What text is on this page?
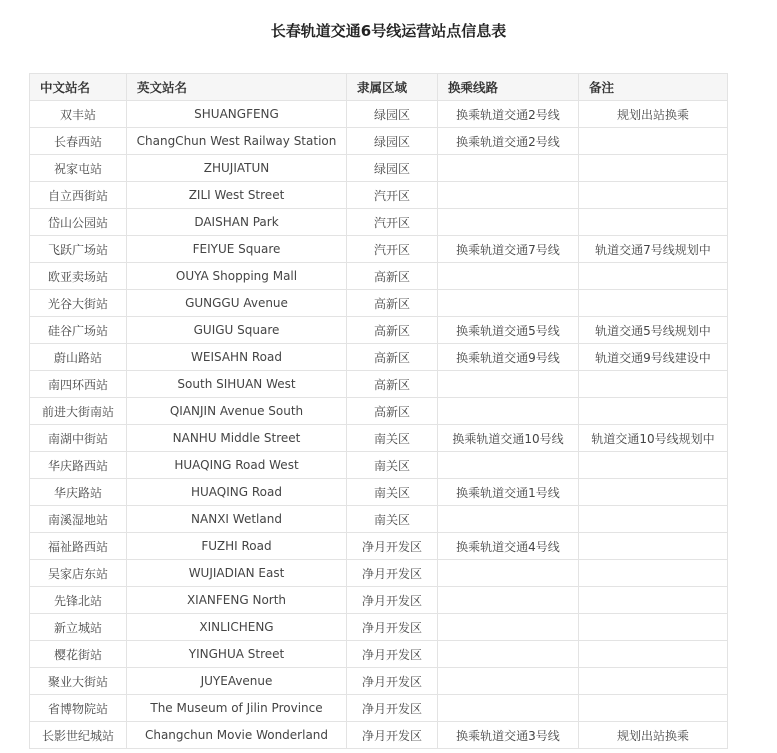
长春轨道交通6号线运营站点信息表
中文站名	英文站名	隶属区域	换乘线路	备注
双丰站	SHUANGFENG	绿园区	换乘轨道交通2号线	规划出站换乘
长春西站	ChangChun West Railway Station	绿园区	换乘轨道交通2号线	
祝家屯站	ZHUJIATUN	绿园区		
自立西街站	ZILI West Street	汽开区		
岱山公园站	DAISHAN Park	汽开区		
飞跃广场站	FEIYUE Square	汽开区	换乘轨道交通7号线	轨道交通7号线规划中
欧亚卖场站	OUYA Shopping Mall	高新区		
光谷大街站	GUNGGU Avenue	高新区		
硅谷广场站	GUIGU Square	高新区	换乘轨道交通5号线	轨道交通5号线规划中
蔚山路站	WEISAHN Road	高新区	换乘轨道交通9号线	轨道交通9号线建设中
南四环西站	South SIHUAN West	高新区		
前进大街南站	QIANJIN Avenue South	高新区		
南湖中街站	NANHU Middle Street	南关区	换乘轨道交通10号线	轨道交通10号线规划中
华庆路西站	HUAQING Road West	南关区		
华庆路站	HUAQING Road	南关区	换乘轨道交通1号线	
南溪湿地站	NANXI Wetland	南关区		
福祉路西站	FUZHI Road	净月开发区	换乘轨道交通4号线	
吴家店东站	WUJIADIAN East	净月开发区		
先锋北站	XIANFENG North	净月开发区		
新立城站	XINLICHENG	净月开发区		
樱花街站	YINGHUA Street	净月开发区		
聚业大街站	JUYEAvenue	净月开发区		
省博物院站	The Museum of Jilin Province	净月开发区		
长影世纪城站	Changchun Movie Wonderland	净月开发区	换乘轨道交通3号线	规划出站换乘
